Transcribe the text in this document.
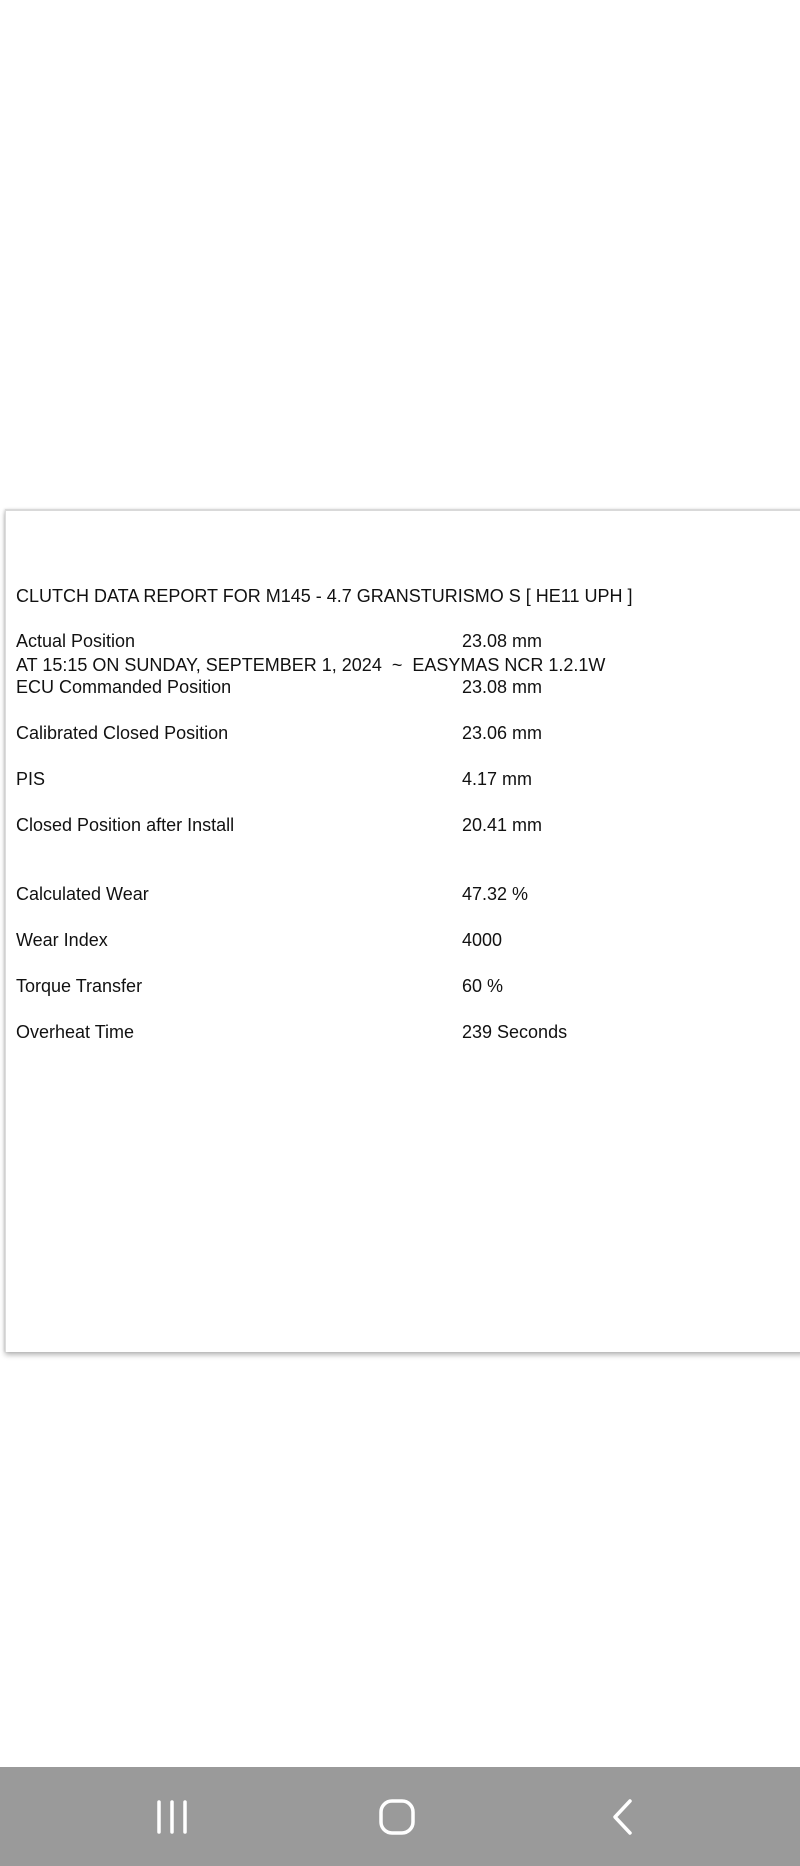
CLUTCH DATA REPORT FOR M145 - 4.7 GRANSTURISMO S [ HE11 UPH ]

AT 15:15 ON SUNDAY, SEPTEMBER 1, 2024  ~  EASYMAS NCR 1.2.1W

Actual Position	23.08 mm
ECU Commanded Position	23.08 mm
Calibrated Closed Position	23.06 mm
PIS	4.17 mm
Closed Position after Install	20.41 mm
Calculated Wear	47.32 %
Wear Index	4000
Torque Transfer	60 %
Overheat Time	239 Seconds
